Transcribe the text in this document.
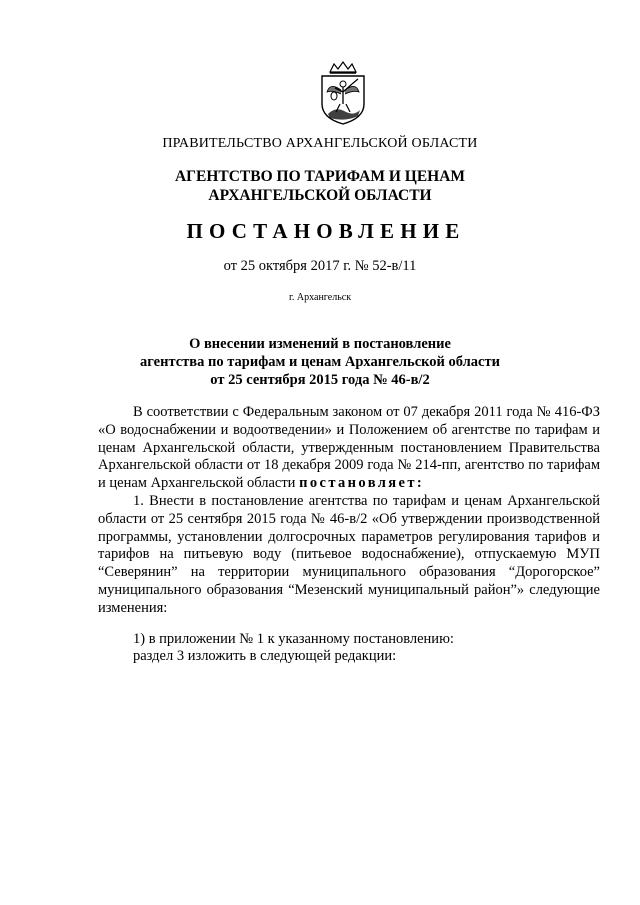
ПРАВИТЕЛЬСТВО АРХАНГЕЛЬСКОЙ ОБЛАСТИ
АГЕНТСТВО ПО ТАРИФАМ И ЦЕНАМ
АРХАНГЕЛЬСКОЙ ОБЛАСТИ
ПОСТАНОВЛЕНИЕ
от 25 октября 2017 г. № 52-в/11
г. Архангельск
О внесении изменений в постановление
агентства по тарифам и ценам Архангельской области
от 25 сентября 2015 года № 46-в/2

В соответствии с Федеральным законом от 07 декабря 2011 года № 416-ФЗ «О водоснабжении и водоотведении» и Положением об агентстве по тарифам и ценам Архангельской области, утвержденным постановлением Правительства Архангельской области от 18 декабря 2009 года № 214-пп, агентство по тарифам и ценам Архангельской области постановляет:

1. Внести в постановление агентства по тарифам и ценам Архангельской области от 25 сентября 2015 года № 46-в/2 «Об утверждении производственной программы, установлении долгосрочных параметров регулирования тарифов и тарифов на питьевую воду (питьевое водоснабжение), отпускаемую МУП “Северянин” на территории муниципального образования “Дорогорское” муниципального образования “Мезенский муниципальный район”» следующие изменения:

1) в приложении № 1 к указанному постановлению:
раздел 3 изложить в следующей редакции:
